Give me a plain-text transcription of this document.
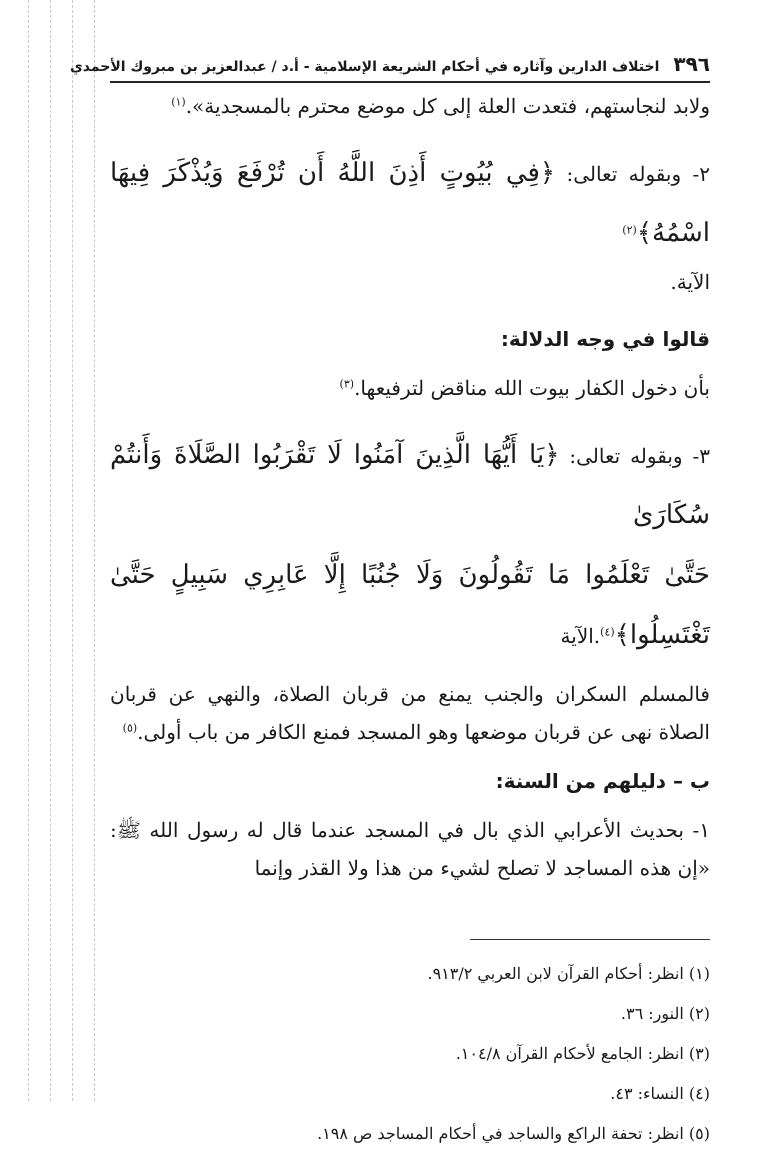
٣٩٦
اختلاف الدارين وآثاره في أحكام الشريعة الإسلامية - أ.د / عبدالعزيز بن مبروك الأحمدي

ولابد لنجاستهم، فتعدت العلة إلى كل موضع محترم بالمسجدية».$^{(١)}$

٢- وبقوله تعالى: ﴿فِي بُيُوتٍ أَذِنَ اللَّهُ أَن تُرْفَعَ وَيُذْكَرَ فِيهَا اسْمُهُ﴾$^{(٢)}$

الآية.

قالوا في وجه الدلالة:

بأن دخول الكفار بيوت الله مناقض لترفيعها.$^{(٣)}$

٣- وبقوله تعالى: ﴿يَا أَيُّهَا الَّذِينَ آمَنُوا لَا تَقْرَبُوا الصَّلَاةَ وَأَنتُمْ سُكَارَىٰ

حَتَّىٰ تَعْلَمُوا مَا تَقُولُونَ وَلَا جُنُبًا إِلَّا عَابِرِي سَبِيلٍ حَتَّىٰ تَغْتَسِلُوا﴾$^{(٤)}$.الآية

فالمسلم السكران والجنب يمنع من قربان الصلاة، والنهي عن قربان الصلاة نهى عن قربان موضعها وهو المسجد فمنع الكافر من باب أولى.$^{(٥)}$

ب – دليلهم من السنة:

١- بحديث الأعرابي الذي بال في المسجد عندما قال له رسول الله ﷺ: «إن هذه المساجد لا تصلح لشيء من هذا ولا القذر وإنما

(١) انظر: أحكام القرآن لابن العربي ٩١٣/٢.

(٢) النور: ٣٦.

(٣) انظر: الجامع لأحكام القرآن ١٠٤/٨.

(٤) النساء: ٤٣.

(٥) انظر: تحفة الراكع والساجد في أحكام المساجد ص ١٩٨.
